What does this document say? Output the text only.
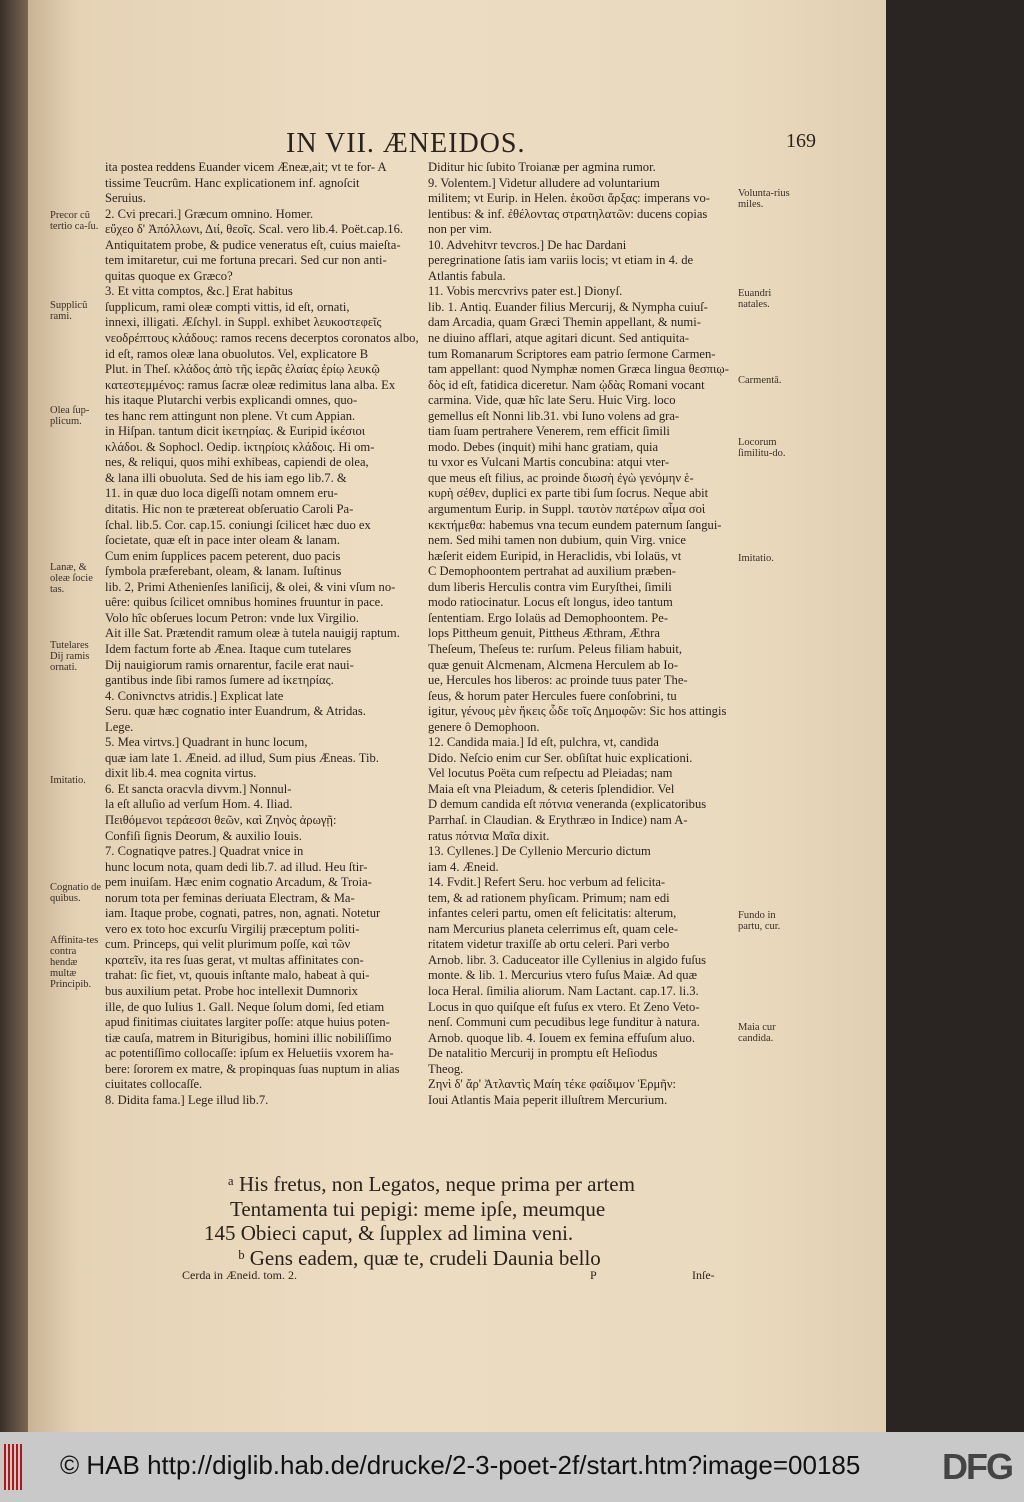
IN VII. ÆNEIDOS.	169
ita postea reddens Euander vicem Æneæ,ait; vt te for- A
tissime Teucrûm. Hanc explicationem inf. agnoſcit
Seruius.
2. Cvi precari.] Græcum omnino. Homer.
εὔχεο δ' Ἀπόλλωνι, Διί, θεοῖς. Scal. vero lib.4. Poët.cap.16.
Antiquitatem probe, & pudice veneratus eſt, cuius maieſta-
tem imitaretur, cui me fortuna precari. Sed cur non anti-
quitas quoque ex Græco?
3. Et vitta comptos, &c.] Erat habitus
ſupplicum, rami oleæ compti vittis, id eſt, ornati,
innexi, illigati. Æſchyl. in Suppl. exhibet λευκοστεφεῖς
νεοδρέπτους κλάδους: ramos recens decerptos coronatos albo,
id eſt, ramos oleæ lana obuolutos. Vel, explicatore B
Plut. in Theſ. κλάδος ἀπὸ τῆς ἱερᾶς ἐλαίας ἐρίῳ λευκῷ
κατεστεμμένος: ramus ſacræ oleæ redimitus lana alba. Ex
his itaque Plutarchi verbis explicandi omnes, quo-
tes hanc rem attingunt non plene. Vt cum Appian.
in Hiſpan. tantum dicit ἱκετηρίας. & Euripid ἱκέσιοι
κλάδοι. & Sophocl. Oedip. ἱκτηρίοις κλάδοις. Hi om-
nes, & reliqui, quos mihi exhibeas, capiendi de olea,
& lana illi obuoluta. Sed de his iam ego lib.7. &
11. in quæ duo loca digeſſi notam omnem eru-
ditatis. Hic non te prætereat obſeruatio Caroli Pa-
ſchal. lib.5. Cor. cap.15. coniungi ſcilicet hæc duo ex
ſocietate, quæ eſt in pace inter oleam & lanam.
Cum enim ſupplices pacem peterent, duo pacis
ſymbola præferebant, oleam, & lanam. Iuſtinus
lib. 2, Primi Athenienſes laniſicij, & olei, & vini vſum no-
uêre: quibus ſcilicet omnibus homines fruuntur in pace.
Volo hîc obſerues locum Petron: vnde lux Virgilio.
Ait ille Sat. Prætendit ramum oleæ à tutela nauigij raptum.
Idem factum forte ab Ænea. Itaque cum tutelares
Dij nauigiorum ramis ornarentur, facile erat naui-
gantibus inde ſibi ramos ſumere ad ἱκετηρίας.
4. Conivnctvs atridis.] Explicat late
Seru. quæ hæc cognatio inter Euandrum, & Atridas.
Lege.
5. Mea virtvs.] Quadrant in hunc locum,
quæ iam late 1. Æneid. ad illud, Sum pius Æneas. Tib.
dixit lib.4. mea cognita virtus.
6. Et sancta oracvla divvm.] Nonnul-
la eſt alluſio ad verſum Hom. 4. Iliad.
Πειθόμενοι τεράεσσι θεῶν, καὶ Ζηνὸς ἀρωγῇ:
Confiſi ſignis Deorum, & auxilio Iouis.
7. Cognatiqve patres.] Quadrat vnice in
hunc locum nota, quam dedi lib.7. ad illud. Heu ſtir-
pem inuiſam. Hæc enim cognatio Arcadum, & Troia-
norum tota per feminas deriuata Electram, & Ma-
iam. Itaque probe, cognati, patres, non, agnati. Notetur
vero ex toto hoc excurſu Virgilij præceptum politi-
cum. Princeps, qui velit plurimum poſſe, καὶ τῶν
κρατεῖν, ita res ſuas gerat, vt multas affinitates con-
trahat: ſic fiet, vt, quouis inſtante malo, habeat à qui-
bus auxilium petat. Probe hoc intellexit Dumnorix
ille, de quo Iulius 1. Gall. Neque ſolum domi, ſed etiam
apud finitimas ciuitates largiter poſſe: atque huius poten-
tiæ cauſa, matrem in Biturigibus, homini illic nobiliſſimo
ac potentiſſimo collocaſſe: ipſum ex Heluetiis vxorem ha-
bere: ſororem ex matre, & propinquas ſuas nuptum in alias
ciuitates collocaſſe.
8. Didita fama.] Lege illud lib.7.
Diditur hic ſubito Troianæ per agmina rumor.
9. Volentem.] Videtur alludere ad voluntarium
militem; vt Eurip. in Helen. ἑκοῦσι ἄρξας: imperans vo-
lentibus: & inf. ἐθέλοντας στρατηλατῶν: ducens copias
non per vim.
10. Advehitvr tevcros.] De hac Dardani
peregrinatione ſatis iam variis locis; vt etiam in 4. de
Atlantis fabula.
11. Vobis mercvrivs pater est.] Dionyſ.
lib. 1. Antiq. Euander filius Mercurij, & Nympha cuiuſ-
dam Arcadia, quam Græci Themin appellant, & numi-
ne diuino afflari, atque agitari dicunt. Sed antiquita-
tum Romanarum Scriptores eam patrio ſermone Carmen-
tam appellant: quod Nymphæ nomen Græca lingua θεσπιῳ-
δὸς id eſt, fatidica diceretur. Nam ᾠδὰς Romani vocant
carmina. Vide, quæ hîc late Seru. Huic Virg. loco
gemellus eſt Nonni lib.31. vbi Iuno volens ad gra-
tiam ſuam pertrahere Venerem, rem efficit ſimili
modo. Debes (inquit) mihi hanc gratiam, quia
tu vxor es Vulcani Martis concubina: atqui vter-
que meus eſt filius, ac proinde διωσὴ ἐγὼ γενόμην ἑ-
κυρὴ σέθεν, duplici ex parte tibi ſum ſocrus. Neque abit
argumentum Eurip. in Suppl. ταυτὸν πατέρων αἷμα σοὶ
κεκτήμεθα: habemus vna tecum eundem paternum ſangui-
nem. Sed mihi tamen non dubium, quin Virg. vnice
hæſerit eidem Euripid, in Heraclidis, vbi Iolaüs, vt
C Demophoontem pertrahat ad auxilium præben-
dum liberis Herculis contra vim Euryſthei, ſimili
modo ratiocinatur. Locus eſt longus, ideo tantum
ſententiam. Ergo Iolaüs ad Demophoontem. Pe-
lops Pittheum genuit, Pittheus Æthram, Æthra
Theſeum, Theſeus te: rurſum. Peleus filiam habuit,
quæ genuit Alcmenam, Alcmena Herculem ab Io-
ue, Hercules hos liberos: ac proinde tuus pater The-
ſeus, & horum pater Hercules fuere conſobrini, tu
igitur, γένους μὲν ἥκεις ὧδε τοῖς Δημοφῶν: Sic hos attingis
genere ô Demophoon.
12. Candida maia.] Id eſt, pulchra, vt, candida
Dido. Neſcio enim cur Ser. obſiſtat huic explicationi.
Vel locutus Poëta cum reſpectu ad Pleiadas; nam
Maia eſt vna Pleiadum, & ceteris ſplendidior. Vel
D demum candida eſt πότνια veneranda (explicatoribus
Parrhaſ. in Claudian. & Erythræo in Indice) nam A-
ratus πότνια Μαῖα dixit.
13. Cyllenes.] De Cyllenio Mercurio dictum
iam 4. Æneid.
14. Fvdit.] Refert Seru. hoc verbum ad felicita-
tem, & ad rationem phyſicam. Primum; nam edi
infantes celeri partu, omen eſt felicitatis: alterum,
nam Mercurius planeta celerrimus eſt, quam cele-
ritatem videtur traxiſſe ab ortu celeri. Pari verbo
Arnob. libr. 3. Caduceator ille Cyllenius in algido fuſus
monte. & lib. 1. Mercurius vtero fuſus Maiæ. Ad quæ
loca Heral. ſimilia aliorum. Nam Lactant. cap.17. li.3.
Locus in quo quiſque eſt fuſus ex vtero. Et Zeno Veto-
nenſ. Communi cum pecudibus lege funditur à natura.
Arnob. quoque lib. 4. Iouem ex femina effuſum aluo.
De natalitio Mercurij in promptu eſt Heſiodus
Theog.
Ζηνὶ δ' ἄρ' Ἀτλαντὶς Μαίη τέκε φαίδιμον Ἑρμῆν:
Ioui Atlantis Maia peperit illuſtrem Mercurium.
Precor cũ tertio ca-ſu.
Supplicũ rami.
Olea ſup-plicum.
Lanæ, & oleæ ſocie tas.
Tutelares Dij ramis ornati.
Imitatio.
Cognatio de quibus.
Affinita-tes contra hendæ multæ Principib.
Volunta-rius miles.
Euandri natales.
Carmentā.
Locorum ſimilitu-do.
Imitatio.
Maia cur candida.
Fundo in partu, cur.
ᵃ His fretus, non Legatos, neque prima per artem
Tentamenta tui pepigi: meme ipſe, meumque
145 Obieci caput, & ſupplex ad limina veni.
ᵇ Gens eadem, quæ te, crudeli Daunia bello
Cerda in Æneid. tom. 2.	P	Inſe-
© HAB http://diglib.hab.de/drucke/2-3-poet-2f/start.htm?image=00185 DFG
